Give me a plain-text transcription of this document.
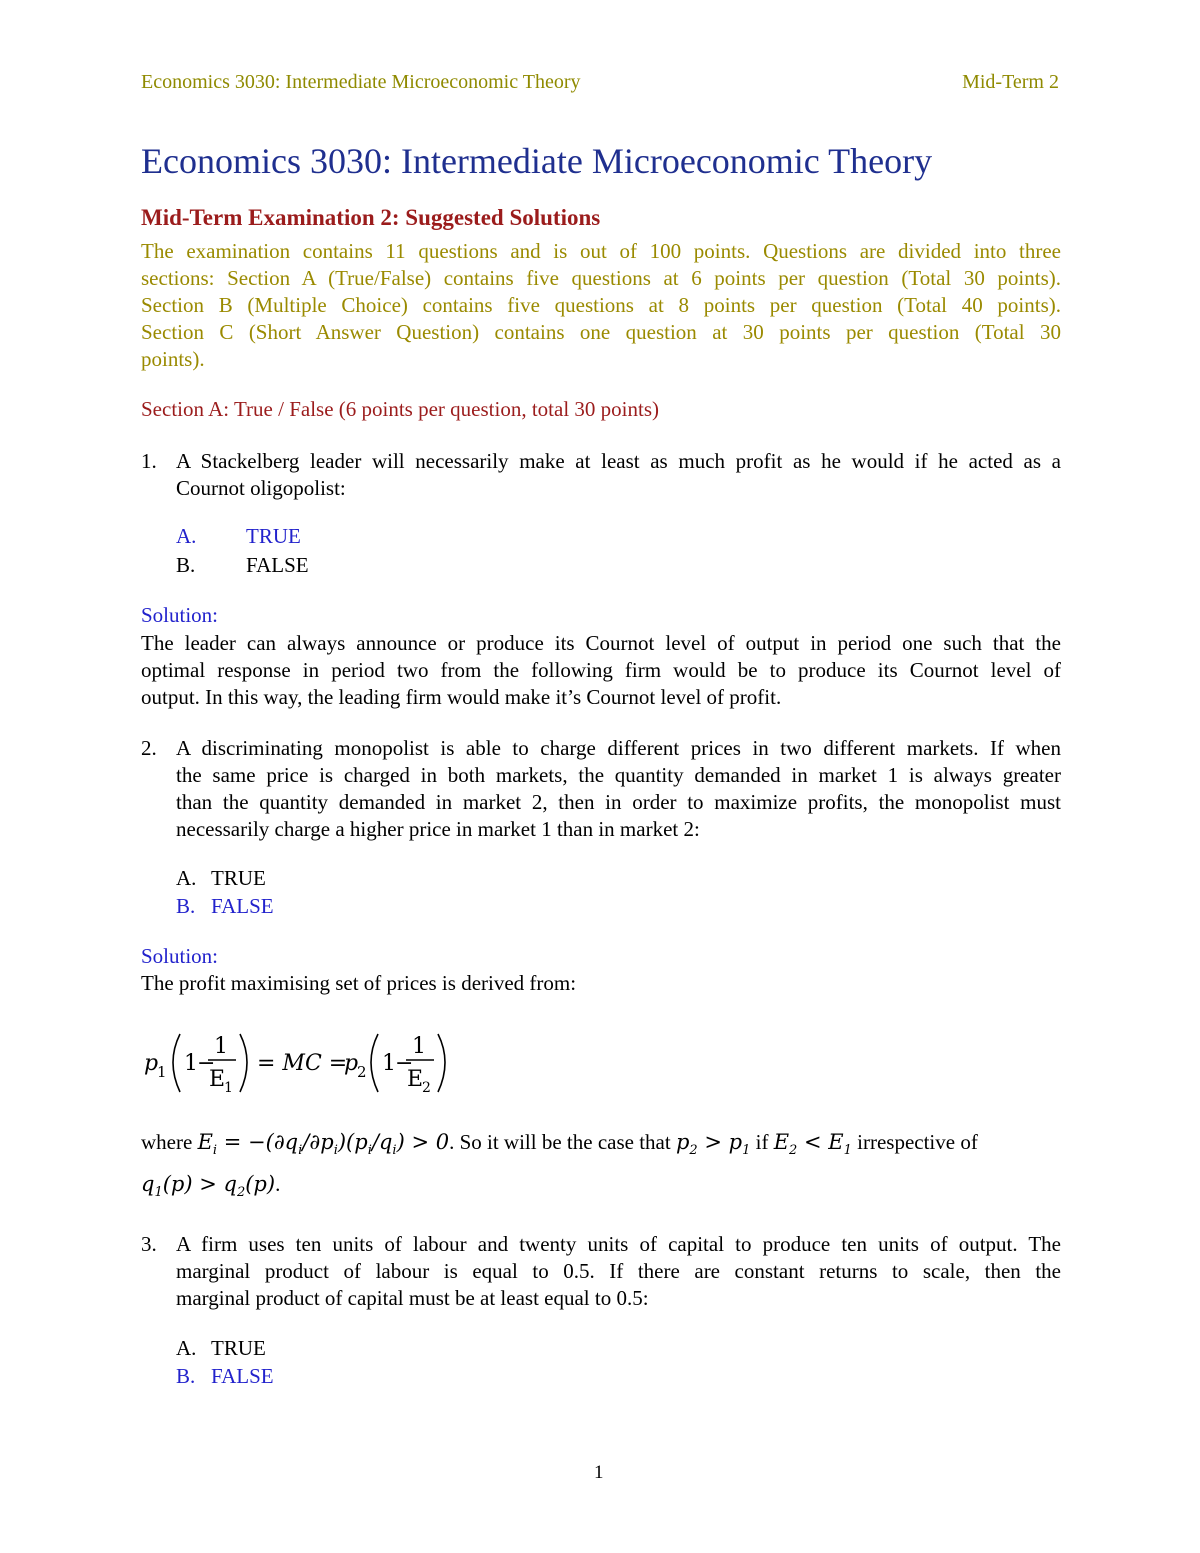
Economics 3030: Intermediate Microeconomic Theory	Mid-Term 2
Economics 3030: Intermediate Microeconomic Theory
Mid-Term Examination 2: Suggested Solutions
The examination contains 11 questions and is out of 100 points. Questions are divided into three
sections: Section A (True/False) contains five questions at 6 points per question (Total 30 points).
Section B (Multiple Choice) contains five questions at 8 points per question (Total 40 points).
Section C (Short Answer Question) contains one question at 30 points per question (Total 30
points).
Section A: True / False (6 points per question, total 30 points)
1. A Stackelberg leader will necessarily make at least as much profit as he would if he acted as a
Cournot oligopolist:
A. TRUE
B. FALSE
Solution:
The leader can always announce or produce its Cournot level of output in period one such that the
optimal response in period two from the following firm would be to produce its Cournot level of
output. In this way, the leading firm would make it’s Cournot level of profit.
2. A discriminating monopolist is able to charge different prices in two different markets. If when
the same price is charged in both markets, the quantity demanded in market 1 is always greater
than the quantity demanded in market 2, then in order to maximize profits, the monopolist must
necessarily charge a higher price in market 1 than in market 2:
A. TRUE
B. FALSE
Solution:
The profit maximising set of prices is derived from:
p
1 1 −
1
E
1
= MC =
p
2 1 −
1
E
2
where $E_i = -(\partial q_i/\partial p_i)(p_i/q_i) > 0$. So it will be the case that $p_2 > p_1$ if $E_2 < E_1$ irrespective of
$q_1(p) > q_2(p)$.
3. A firm uses ten units of labour and twenty units of capital to produce ten units of output. The
marginal product of labour is equal to 0.5. If there are constant returns to scale, then the
marginal product of capital must be at least equal to 0.5:
A. TRUE
B. FALSE
1
